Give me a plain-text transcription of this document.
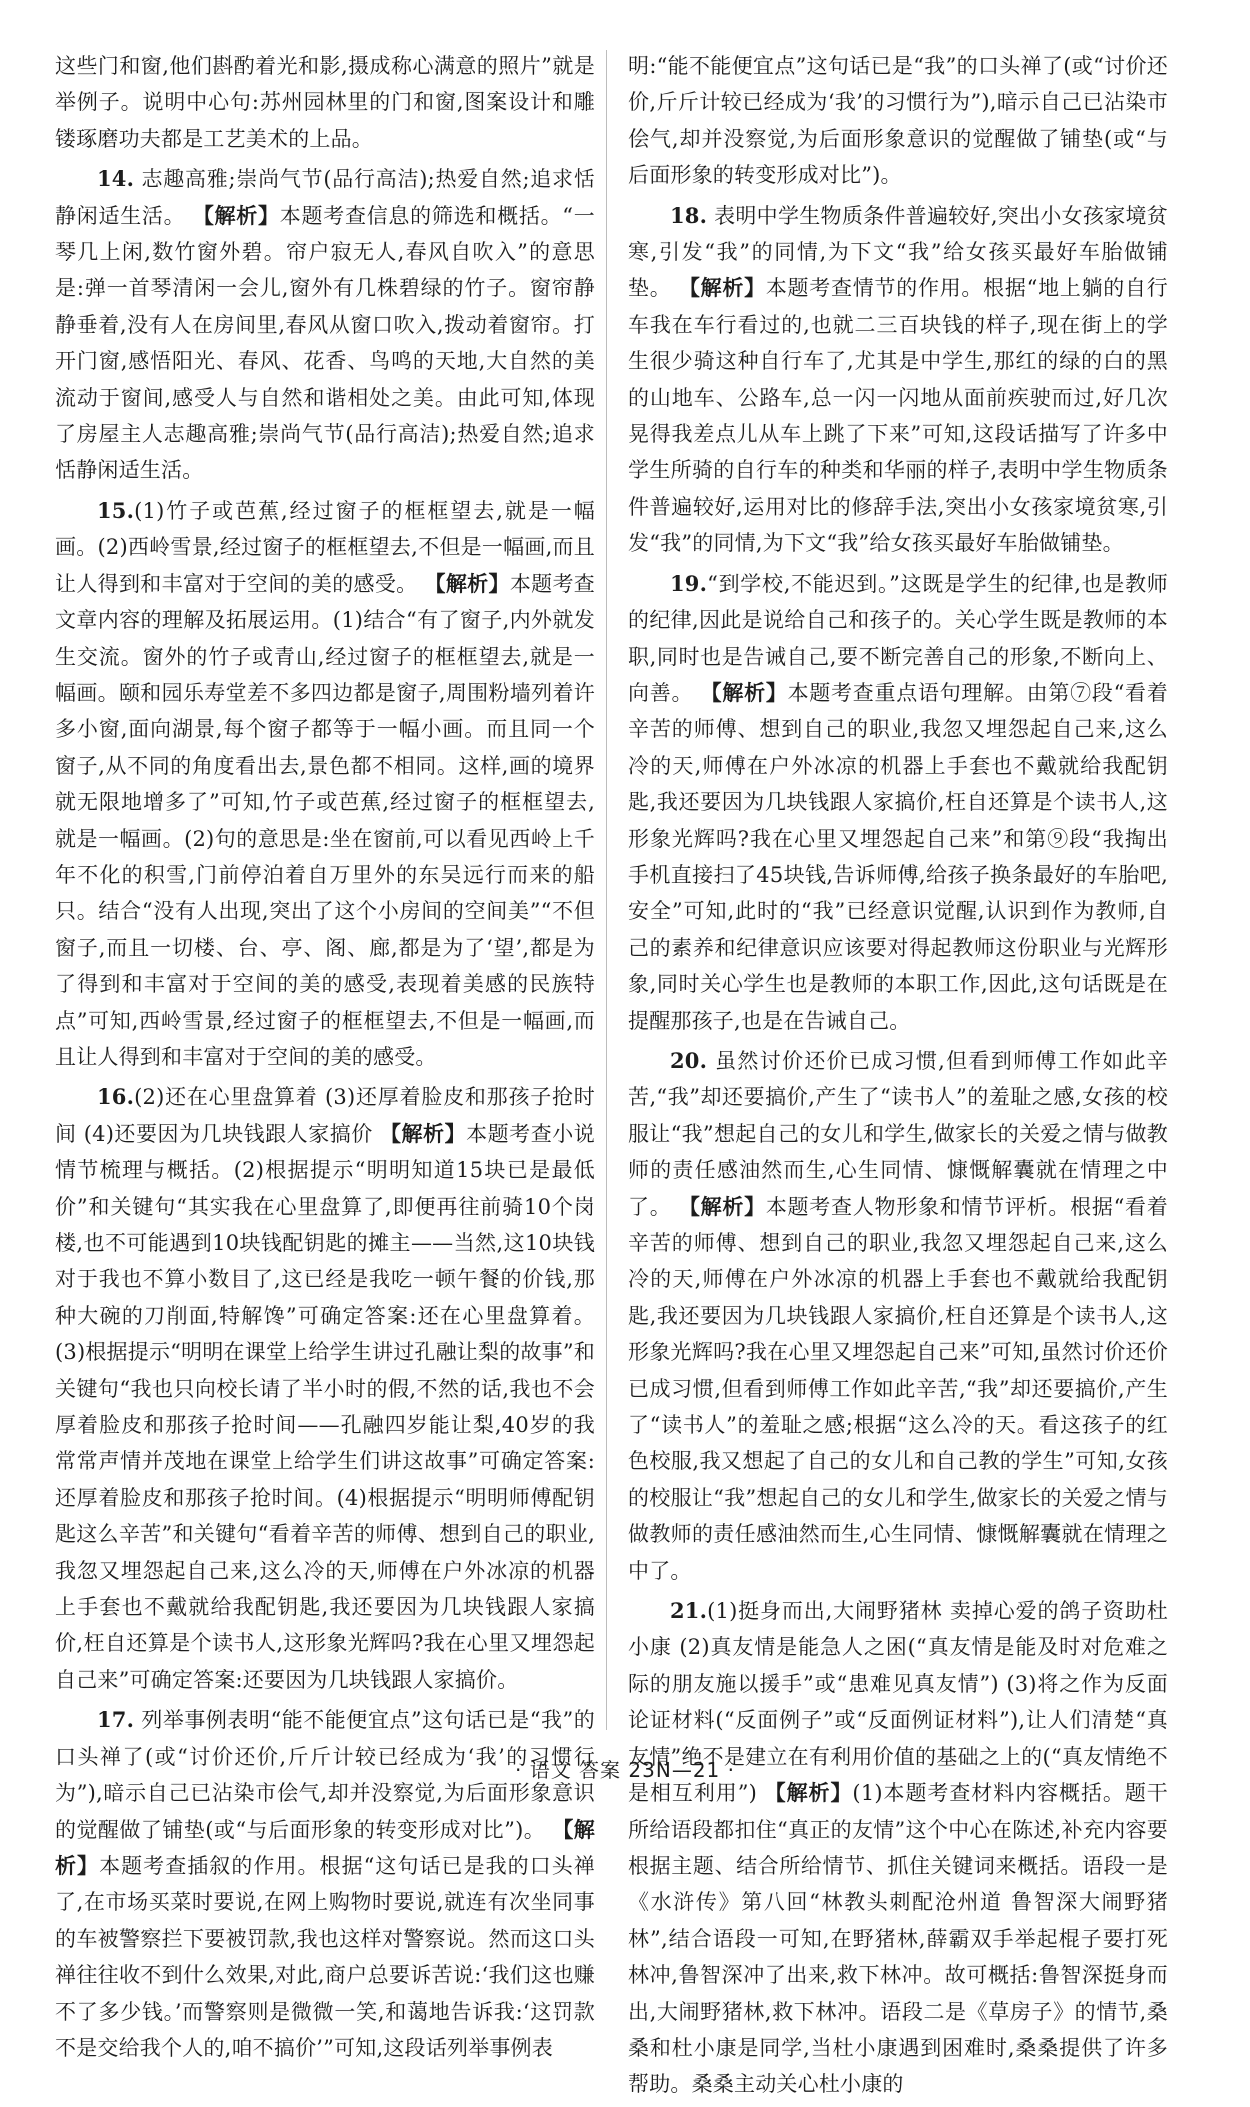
这些门和窗,他们斟酌着光和影,摄成称心满意的照片”就是举例子。说明中心句:苏州园林里的门和窗,图案设计和雕镂琢磨功夫都是工艺美术的上品。

14. 志趣高雅;崇尚气节(品行高洁);热爱自然;追求恬静闲适生活。 【解析】本题考查信息的筛选和概括。“一琴几上闲,数竹窗外碧。帘户寂无人,春风自吹入”的意思是:弹一首琴清闲一会儿,窗外有几株碧绿的竹子。窗帘静静垂着,没有人在房间里,春风从窗口吹入,拨动着窗帘。打开门窗,感悟阳光、春风、花香、鸟鸣的天地,大自然的美流动于窗间,感受人与自然和谐相处之美。由此可知,体现了房屋主人志趣高雅;崇尚气节(品行高洁);热爱自然;追求恬静闲适生活。

15.(1)竹子或芭蕉,经过窗子的框框望去,就是一幅画。(2)西岭雪景,经过窗子的框框望去,不但是一幅画,而且让人得到和丰富对于空间的美的感受。 【解析】本题考查文章内容的理解及拓展运用。(1)结合“有了窗子,内外就发生交流。窗外的竹子或青山,经过窗子的框框望去,就是一幅画。颐和园乐寿堂差不多四边都是窗子,周围粉墙列着许多小窗,面向湖景,每个窗子都等于一幅小画。而且同一个窗子,从不同的角度看出去,景色都不相同。这样,画的境界就无限地增多了”可知,竹子或芭蕉,经过窗子的框框望去,就是一幅画。(2)句的意思是:坐在窗前,可以看见西岭上千年不化的积雪,门前停泊着自万里外的东吴远行而来的船只。结合“没有人出现,突出了这个小房间的空间美”“不但窗子,而且一切楼、台、亭、阁、廊,都是为了‘望’,都是为了得到和丰富对于空间的美的感受,表现着美感的民族特点”可知,西岭雪景,经过窗子的框框望去,不但是一幅画,而且让人得到和丰富对于空间的美的感受。

16.(2)还在心里盘算着 (3)还厚着脸皮和那孩子抢时间 (4)还要因为几块钱跟人家搞价 【解析】本题考查小说情节梳理与概括。(2)根据提示“明明知道15块已是最低价”和关键句“其实我在心里盘算了,即便再往前骑10个岗楼,也不可能遇到10块钱配钥匙的摊主——当然,这10块钱对于我也不算小数目了,这已经是我吃一顿午餐的价钱,那种大碗的刀削面,特解馋”可确定答案:还在心里盘算着。(3)根据提示“明明在课堂上给学生讲过孔融让梨的故事”和关键句“我也只向校长请了半小时的假,不然的话,我也不会厚着脸皮和那孩子抢时间——孔融四岁能让梨,40岁的我常常声情并茂地在课堂上给学生们讲这故事”可确定答案:还厚着脸皮和那孩子抢时间。(4)根据提示“明明师傅配钥匙这么辛苦”和关键句“看着辛苦的师傅、想到自己的职业,我忽又埋怨起自己来,这么冷的天,师傅在户外冰凉的机器上手套也不戴就给我配钥匙,我还要因为几块钱跟人家搞价,枉自还算是个读书人,这形象光辉吗?我在心里又埋怨起自己来”可确定答案:还要因为几块钱跟人家搞价。

17. 列举事例表明“能不能便宜点”这句话已是“我”的口头禅了(或“讨价还价,斤斤计较已经成为‘我’的习惯行为”),暗示自己已沾染市侩气,却并没察觉,为后面形象意识的觉醒做了铺垫(或“与后面形象的转变形成对比”)。 【解析】本题考查插叙的作用。根据“这句话已是我的口头禅了,在市场买菜时要说,在网上购物时要说,就连有次坐同事的车被警察拦下要被罚款,我也这样对警察说。然而这口头禅往往收不到什么效果,对此,商户总要诉苦说:‘我们这也赚不了多少钱。’而警察则是微微一笑,和蔼地告诉我:‘这罚款不是交给我个人的,咱不搞价’”可知,这段话列举事例表

明:“能不能便宜点”这句话已是“我”的口头禅了(或“讨价还价,斤斤计较已经成为‘我’的习惯行为”),暗示自己已沾染市侩气,却并没察觉,为后面形象意识的觉醒做了铺垫(或“与后面形象的转变形成对比”)。

18. 表明中学生物质条件普遍较好,突出小女孩家境贫寒,引发“我”的同情,为下文“我”给女孩买最好车胎做铺垫。 【解析】本题考查情节的作用。根据“地上躺的自行车我在车行看过的,也就二三百块钱的样子,现在街上的学生很少骑这种自行车了,尤其是中学生,那红的绿的白的黑的山地车、公路车,总一闪一闪地从面前疾驶而过,好几次晃得我差点儿从车上跳了下来”可知,这段话描写了许多中学生所骑的自行车的种类和华丽的样子,表明中学生物质条件普遍较好,运用对比的修辞手法,突出小女孩家境贫寒,引发“我”的同情,为下文“我”给女孩买最好车胎做铺垫。

19.“到学校,不能迟到。”这既是学生的纪律,也是教师的纪律,因此是说给自己和孩子的。关心学生既是教师的本职,同时也是告诫自己,要不断完善自己的形象,不断向上、向善。 【解析】本题考查重点语句理解。由第⑦段“看着辛苦的师傅、想到自己的职业,我忽又埋怨起自己来,这么冷的天,师傅在户外冰凉的机器上手套也不戴就给我配钥匙,我还要因为几块钱跟人家搞价,枉自还算是个读书人,这形象光辉吗?我在心里又埋怨起自己来”和第⑨段“我掏出手机直接扫了45块钱,告诉师傅,给孩子换条最好的车胎吧,安全”可知,此时的“我”已经意识觉醒,认识到作为教师,自己的素养和纪律意识应该要对得起教师这份职业与光辉形象,同时关心学生也是教师的本职工作,因此,这句话既是在提醒那孩子,也是在告诫自己。

20. 虽然讨价还价已成习惯,但看到师傅工作如此辛苦,“我”却还要搞价,产生了“读书人”的羞耻之感,女孩的校服让“我”想起自己的女儿和学生,做家长的关爱之情与做教师的责任感油然而生,心生同情、慷慨解囊就在情理之中了。 【解析】本题考查人物形象和情节评析。根据“看着辛苦的师傅、想到自己的职业,我忽又埋怨起自己来,这么冷的天,师傅在户外冰凉的机器上手套也不戴就给我配钥匙,我还要因为几块钱跟人家搞价,枉自还算是个读书人,这形象光辉吗?我在心里又埋怨起自己来”可知,虽然讨价还价已成习惯,但看到师傅工作如此辛苦,“我”却还要搞价,产生了“读书人”的羞耻之感;根据“这么冷的天。看这孩子的红色校服,我又想起了自己的女儿和自己教的学生”可知,女孩的校服让“我”想起自己的女儿和学生,做家长的关爱之情与做教师的责任感油然而生,心生同情、慷慨解囊就在情理之中了。

21.(1)挺身而出,大闹野猪林 卖掉心爱的鸽子资助杜小康 (2)真友情是能急人之困(“真友情是能及时对危难之际的朋友施以援手”或“患难见真友情”) (3)将之作为反面论证材料(“反面例子”或“反面例证材料”),让人们清楚“真友情”绝不是建立在有利用价值的基础之上的(“真友情绝不是相互利用”) 【解析】(1)本题考查材料内容概括。题干所给语段都扣住“真正的友情”这个中心在陈述,补充内容要根据主题、结合所给情节、抓住关键词来概括。语段一是《水浒传》第八回“林教头刺配沧州道 鲁智深大闹野猪林”,结合语段一可知,在野猪林,薛霸双手举起棍子要打死林冲,鲁智深冲了出来,救下林冲。故可概括:鲁智深挺身而出,大闹野猪林,救下林冲。语段二是《草房子》的情节,桑桑和杜小康是同学,当杜小康遇到困难时,桑桑提供了许多帮助。桑桑主动关心杜小康的

· 语文 答案 23N—21 ·
